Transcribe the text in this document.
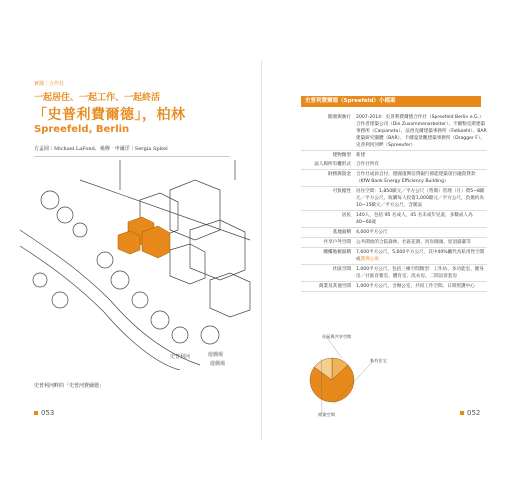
實踐｜合作社
一起居住、一起工作、一起終活
「史普利費爾德」，柏林
Spreefeld, Berlin
方孟岡｜Michael LaFond、桑穆‧申爾洋｜Sergia Spitel
史普利河
遊戲場
遊戲場
史普利河畔的「史普河費爾德」
053
史普利費爾德（Spreefeld）小檔案
開發與執行	2007-2014：史普利費爾德合作社（Spreefeld Berlin e.G.）合作者建築公司（Die Zusammenarbeiter）、卡爾勒克斯建築事務所（Carpaneto）、法西克爾建築事務所（Fatkoehl）、BAR建築研究團體（BAR）、卡爾曼景觀建築事務所（Dragger F）、史普利河河畔（Spreeufer）
建物類型	新建
法人與所有權形式	合作社所有
財務與資金	合作社成員自付、德國復興信貸銀行節能建築項目融資貸款（KfW Bank Energy Efficiency Building）
可負擔性	居住空間：1,850歐元／平方公尺（售價）管理（月）費5~8歐元／平方公尺、收購每人投資1,000歐元／平方公尺，負擔約為 10~15歐元／平方公尺，含暖氣
居民	140人，包括 95 名成人，45 名未成年兒童，多數成人為40~60歲
基地面積	4,000平方公尺
共享戶外空間	公共開放的合院森林、社區花園、河岸碼頭、屋頂露臺等
總樓地板面積	7,600平方公尺，5,600平方公尺，其中40%屬代為私用性空間或選擇公寓
社區空間	1,000平方公尺，包括三棟空間類型：工作坊、多功能室、健身房／社區育嬰室、體育室、洗衣房、二間訪客套房
商業及其他空間	1,000平方公尺，含辦公室、共同工作空間、日間照護中心
社區與共享空間
私有住宅
商業空間	052
